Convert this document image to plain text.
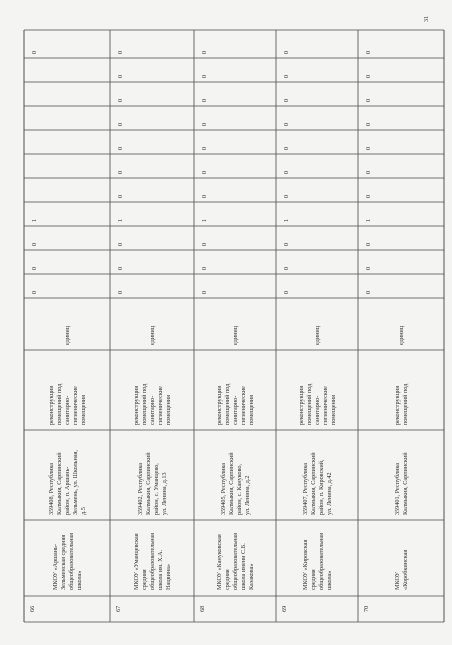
31
66
МКОУ «Аршань- Зельменская средняя общеобразовательная школа»
359408, Республика Калмыкия, Сарпинский район, п. Аршань- Зельмень, ул. Школьная, д.5
реконструкция помещений под санитарно- гигиенические помещения
единиц
0
0
0
1
0
67
МКОУ «Уманцевская средняя общеобразовательная школа им. Х.А. Нацвина»
359402, Республика Калмыкия, Сарпинский район, с. Уманцево, ул. Ленина, д.13
реконструкция помещений под санитарно- гигиенические помещения
единиц
0
0
0
1
0
0
0
0
0
0
0
68
МКОУ «Кануковская средняя общеобразовательная школа имени С.Б. Казакова»
359405, Республика Калмыкия, Сарпинский район, с. Кануково, ул. Ленина, д.2
реконструкция помещений под санитарно- гигиенические помещения
единиц
0
0
0
1
0
0
0
0
0
0
0
69
МКОУ «Кировская средняя общеобразовательная школа»
359407, Республика Калмыкия, Сарпинский район, п. Кировский, ул. Ленина, д.42
реконструкция помещений под санитарно- гигиенические помещения
единиц
0
0
0
1
0
0
0
0
0
0
0
70
МКОУ «Коробкинская
359401, Республика Калмыкия, Сарпинский
реконструкция помещений под
единиц
0
0
0
1
0
0
0
0
0
0
0
